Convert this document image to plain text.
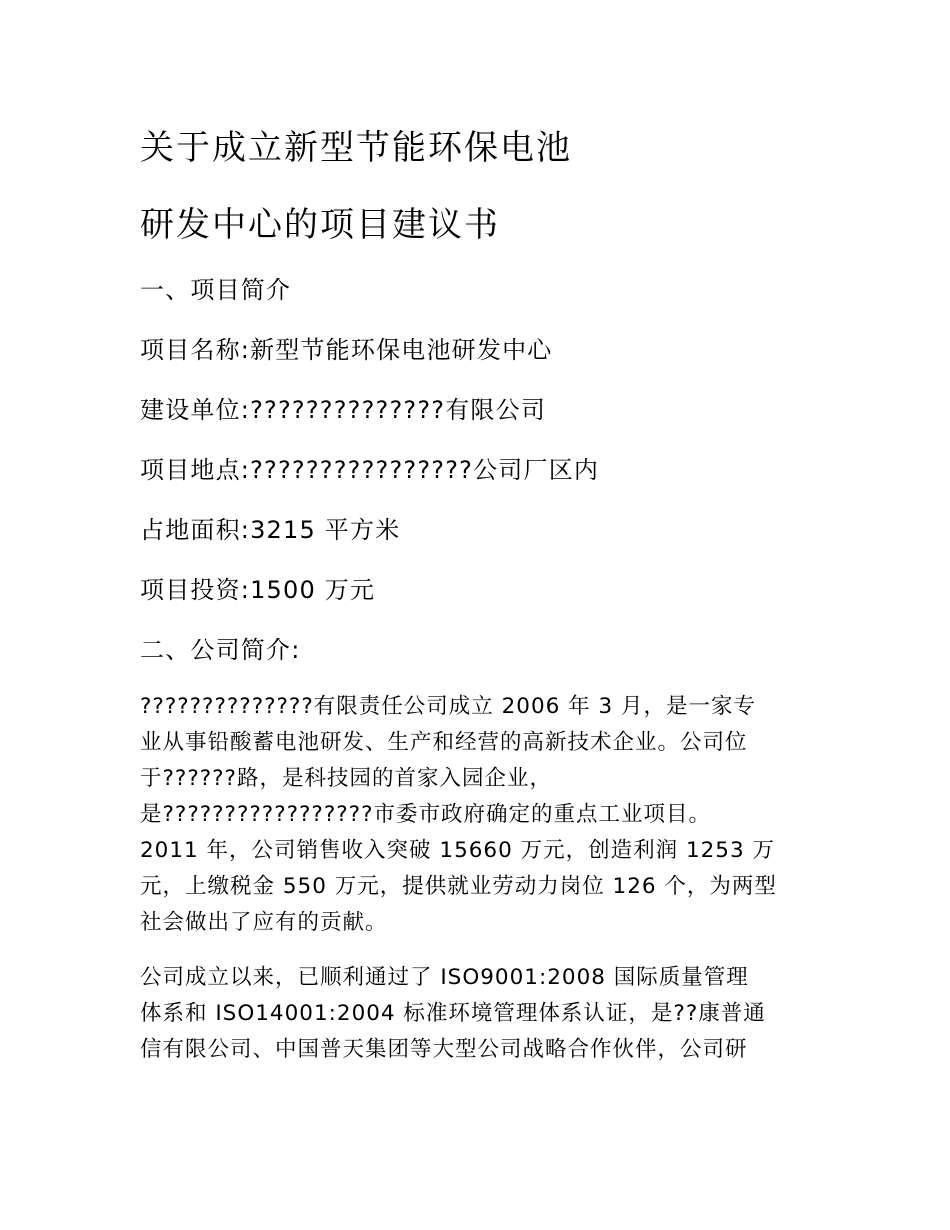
关于成立新型节能环保电池
研发中心的项目建议书
一、项目简介
项目名称:新型节能环保电池研发中心
建设单位:??????????????有限公司
项目地点:????????????????公司厂区内
占地面积:3215 平方米
项目投资:1500 万元
二、公司简介:
??????????????有限责任公司成立 2006 年 3 月，是一家专
业从事铅酸蓄电池研发、生产和经营的高新技术企业。公司位
于??????路，是科技园的首家入园企业，
是?????????????????市委市政府确定的重点工业项目。
2011 年，公司销售收入突破 15660 万元，创造利润 1253 万
元，上缴税金 550 万元，提供就业劳动力岗位 126 个，为两型
社会做出了应有的贡献。
公司成立以来，已顺利通过了 ISO9001:2008 国际质量管理
体系和 ISO14001:2004 标准环境管理体系认证，是??康普通
信有限公司、中国普天集团等大型公司战略合作伙伴，公司研
